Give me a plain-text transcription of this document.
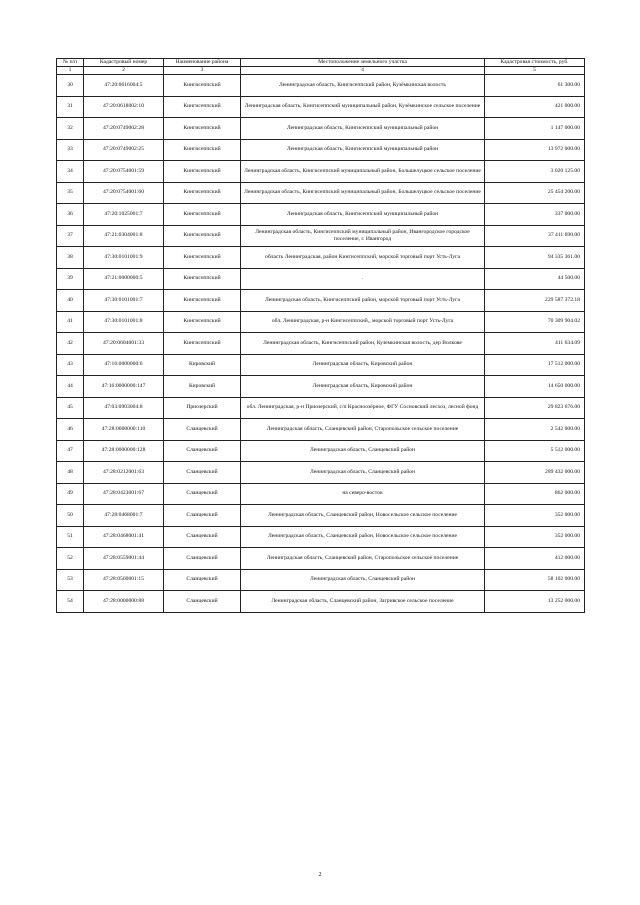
№ п/п	Кадастровый номер	Наименование района	Местоположение земельного участка	Кадастровая стоимость, руб.
1	2	3	4	5
30	47:20:0616004:5	Кингисеппский	Ленинградская область, Кингисеппский район, Кузёмкинская волость	61 300.00
31	47:20:0618002:10	Кингисеппский	Ленинградская область, Кингисеппский муниципальный район, Кузёмкинское сельское поселение	421 000.00
32	47:20:0749002:28	Кингисеппский	Ленинградская область, Кингисеппский муниципальный район	1 147 000.00
33	47:20:0749002:25	Кингисеппский	Ленинградская область, Кингисеппский муниципальный район	13 972 000.00
34	47:20:0754001:59	Кингисеппский	Ленинградская область, Кингисеппский муниципальный район, Большелуцкое сельское поселение	3 020 125.00
35	47:20:0754001:60	Кингисеппский	Ленинградская область, Кингисеппский муниципальный район, Большелуцкое сельское поселение	25 454 200.00
36	47:20:1025001:7	Кингисеппский	Ленинградская область, Кингисеппский муниципальный район	337 000.00
37	47:21:0304001:8	Кингисеппский	Ленинградская область, Кингисеппский муниципальный район, Ивангородское городское поселение, г. Ивангород	37 411 690.00
38	47:30:0101001:9	Кингисеппский	область Ленинградская, район Кингисеппский, морской торговый порт Усть-Луга	94 335 361.00
39	47:21:0000000:5	Кингисеппский	.	44 500.00
40	47:30:0101001:7	Кингисеппский	Ленинградская область, Кингисеппский район, морской торговый порт Усть-Луга	229 587 372.18
41	47:30:0101001:8	Кингисеппский	обл. Ленинградская, р-н Кингисеппский,, морской торговый порт Усть-Луга	70 309 904.02
42	47:20:0604001:33	Кингисеппский	Ленинградская область, Кингисеппский район, Куземкинская волость, дер Волкове	411 634.09
43	47:16:0000000:6	Кировский	Ленинградская область, Кировский район	17 512 000.00
44	47:16:0000000:147	Кировский	Ленинградская область, Кировский район	14 650 000.00
45	47:03:0903004:8	Приозерский	обл. Ленинградская, р-н Приозерский, с/п Красноозёрное, ФГУ Сосновский лесхоз, лесной фонд	29 823 676.00
46	47:28:0000000:110	Сланцевский	Ленинградская область, Сланцевский район, Старопольское сельское поселение	2 542 000.00
47	47:28:0000000:128	Сланцевский	Ленинградская область, Сланцевский район	5 512 000.00
48	47:28:0212001:63	Сланцевский	Ленинградская область, Сланцевский район	289 432 000.00
49	47:28:0423001:67	Сланцевский	на северо-восток	862 000.00
50	47:28:0468001:7	Сланцевский	Ленинградская область, Сланцевский район, Новосельское сельское поселение	352 000.00
51	47:28:0468001:41	Сланцевский	Ленинградская область, Сланцевский район, Новосельское сельское поселение	352 000.00
52	47:28:0559001:44	Сланцевский	Ленинградская область, Сланцевский район, Старопольское сельское поселение	412 000.00
53	47:28:0560001:15	Сланцевский	Ленинградская область, Сланцевский район	58 102 000.00
54	47:28:0000000:88	Сланцевский	Ленинградская область, Сланцевский район, Загривское сельское поселение	13 252 000.00
2
